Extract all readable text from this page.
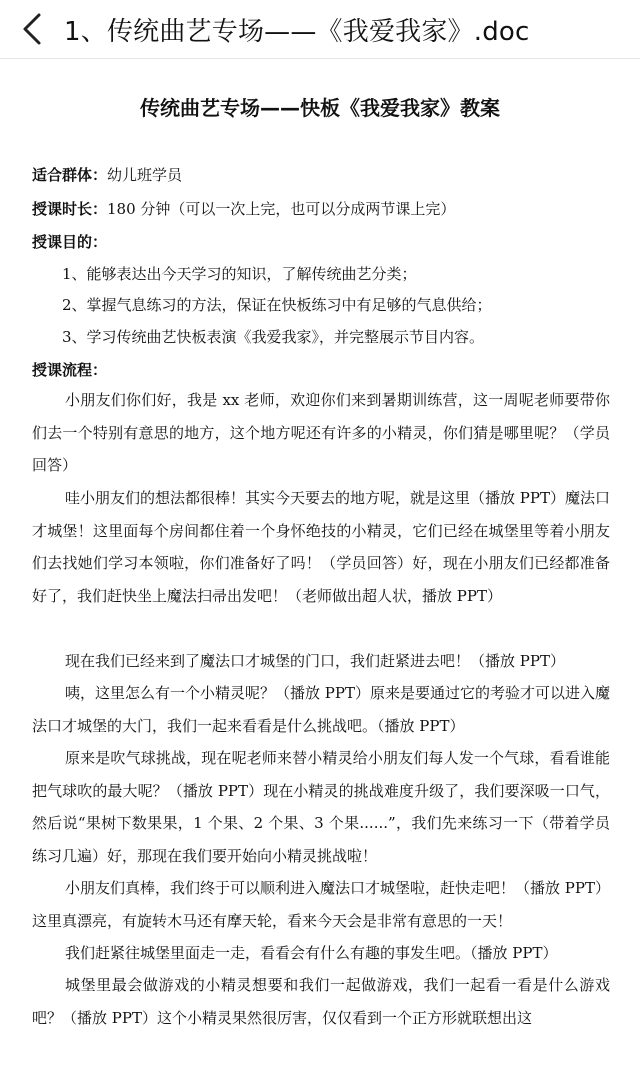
1、传统曲艺专场——《我爱我家》.doc
传统曲艺专场——快板《我爱我家》教案
适合群体：幼儿班学员
授课时长：180 分钟（可以一次上完，也可以分成两节课上完）
授课目的：
1、能够表达出今天学习的知识，了解传统曲艺分类；
2、掌握气息练习的方法，保证在快板练习中有足够的气息供给；
3、学习传统曲艺快板表演《我爱我家》，并完整展示节目内容。
授课流程：

小朋友们你们好，我是 xx 老师，欢迎你们来到暑期训练营，这一周呢老师要带你们去一个特别有意思的地方，这个地方呢还有许多的小精灵，你们猜是哪里呢？（学员回答）

哇小朋友们的想法都很棒！其实今天要去的地方呢，就是这里（播放 PPT）魔法口才城堡！这里面每个房间都住着一个身怀绝技的小精灵，它们已经在城堡里等着小朋友们去找她们学习本领啦，你们准备好了吗！（学员回答）好，现在小朋友们已经都准备好了，我们赶快坐上魔法扫帚出发吧！（老师做出超人状，播放 PPT）

现在我们已经来到了魔法口才城堡的门口，我们赶紧进去吧！（播放 PPT）

咦，这里怎么有一个小精灵呢？（播放 PPT）原来是要通过它的考验才可以进入魔法口才城堡的大门，我们一起来看看是什么挑战吧。（播放 PPT）

原来是吹气球挑战，现在呢老师来替小精灵给小朋友们每人发一个气球，看看谁能把气球吹的最大呢？（播放 PPT）现在小精灵的挑战难度升级了，我们要深吸一口气，然后说“果树下数果果，1 个果、2 个果、3 个果......”，我们先来练习一下（带着学员练习几遍）好，那现在我们要开始向小精灵挑战啦！

小朋友们真棒，我们终于可以顺利进入魔法口才城堡啦，赶快走吧！（播放 PPT）这里真漂亮，有旋转木马还有摩天轮，看来今天会是非常有意思的一天！

我们赶紧往城堡里面走一走，看看会有什么有趣的事发生吧。（播放 PPT）

城堡里最会做游戏的小精灵想要和我们一起做游戏，我们一起看一看是什么游戏吧？（播放 PPT）这个小精灵果然很厉害，仅仅看到一个正方形就联想出这
